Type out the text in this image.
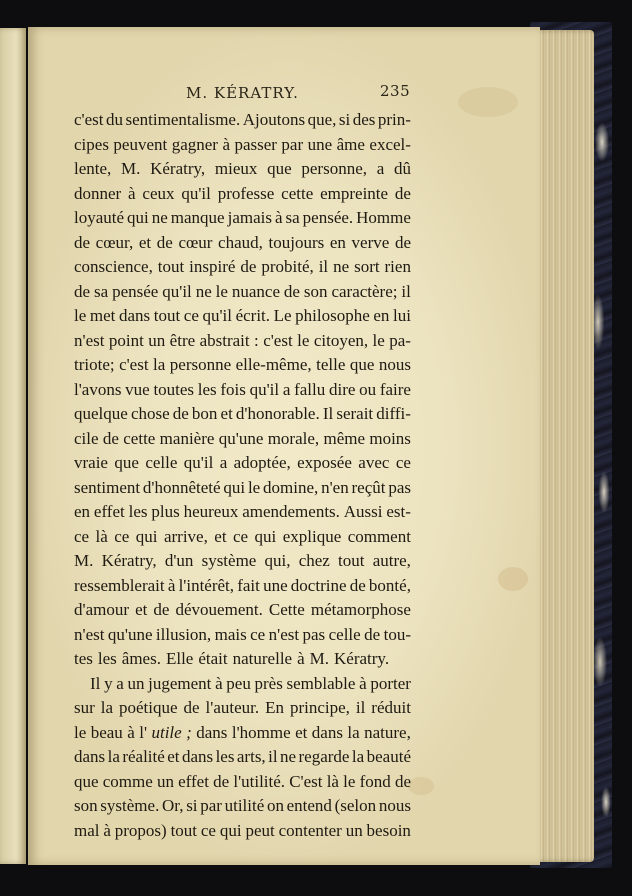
M. KÉRATRY.	235
c'est du sentimentalisme. Ajoutons que, si des prin-
cipes peuvent gagner à passer par une âme excel-
lente, M. Kératry, mieux que personne, a dû
donner à ceux qu'il professe cette empreinte de
loyauté qui ne manque jamais à sa pensée. Homme
de cœur, et de cœur chaud, toujours en verve de
conscience, tout inspiré de probité, il ne sort rien
de sa pensée qu'il ne le nuance de son caractère; il
le met dans tout ce qu'il écrit. Le philosophe en lui
n'est point un être abstrait : c'est le citoyen, le pa-
triote; c'est la personne elle-même, telle que nous
l'avons vue toutes les fois qu'il a fallu dire ou faire
quelque chose de bon et d'honorable. Il serait diffi-
cile de cette manière qu'une morale, même moins
vraie que celle qu'il a adoptée, exposée avec ce
sentiment d'honnêteté qui le domine, n'en reçût pas
en effet les plus heureux amendements. Aussi est-
ce là ce qui arrive, et ce qui explique comment
M. Kératry, d'un système qui, chez tout autre,
ressemblerait à l'intérêt, fait une doctrine de bonté,
d'amour et de dévouement. Cette métamorphose
n'est qu'une illusion, mais ce n'est pas celle de tou-
tes les âmes. Elle était naturelle à M. Kératry.
Il y a un jugement à peu près semblable à porter
sur la poétique de l'auteur. En principe, il réduit
le beau à l' utile ; dans l'homme et dans la nature,
dans la réalité et dans les arts, il ne regarde la beauté
que comme un effet de l'utilité. C'est là le fond de
son système. Or, si par utilité on entend (selon nous
mal à propos) tout ce qui peut contenter un besoin
